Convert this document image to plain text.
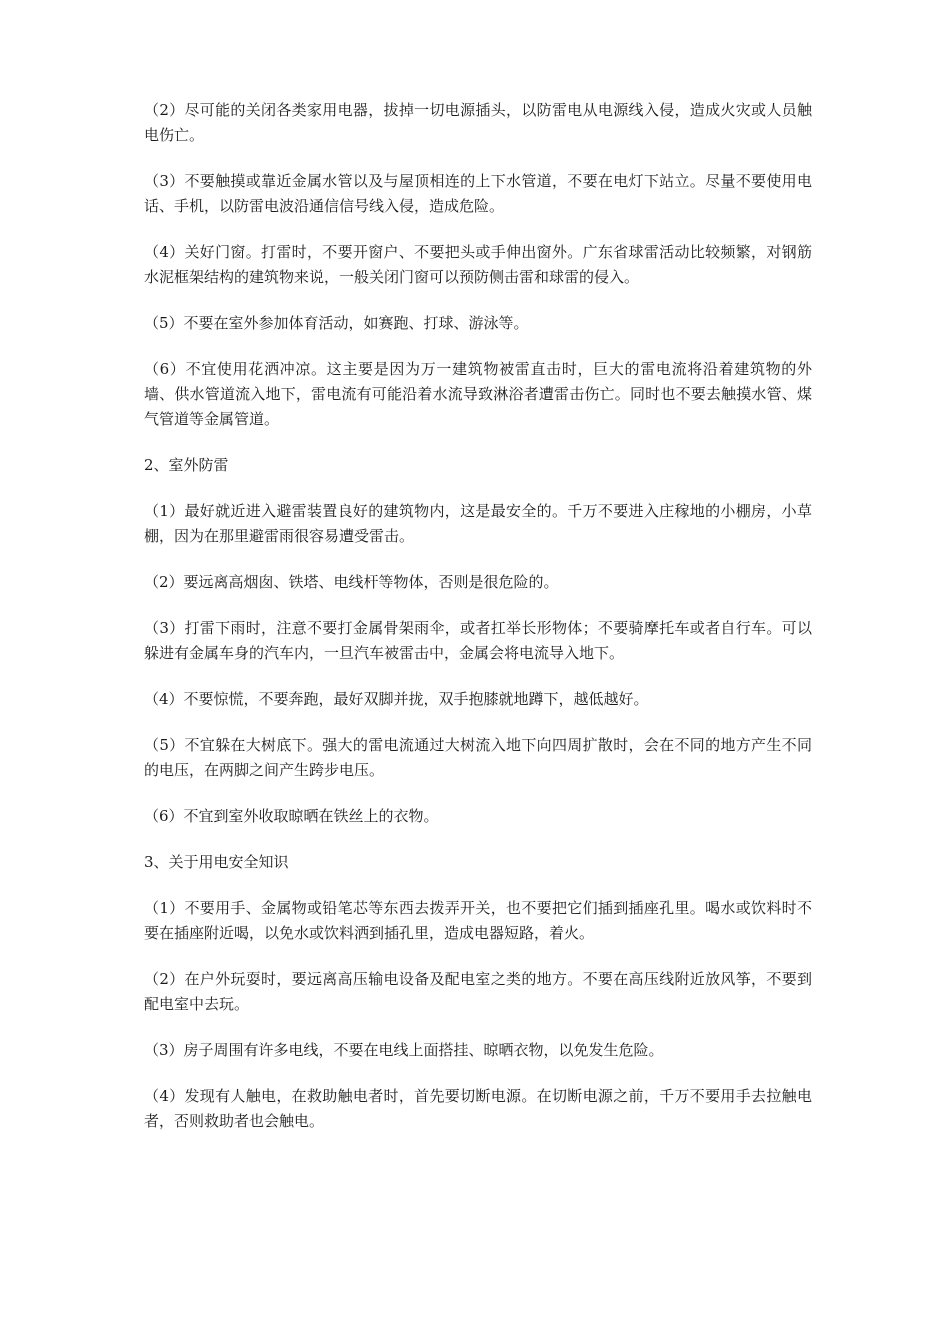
（2）尽可能的关闭各类家用电器，拔掉一切电源插头，以防雷电从电源线入侵，造成火灾或人员触电伤亡。

（3）不要触摸或靠近金属水管以及与屋顶相连的上下水管道，不要在电灯下站立。尽量不要使用电话、手机，以防雷电波沿通信信号线入侵，造成危险。

（4）关好门窗。打雷时，不要开窗户、不要把头或手伸出窗外。广东省球雷活动比较频繁，对钢筋水泥框架结构的建筑物来说，一般关闭门窗可以预防侧击雷和球雷的侵入。

（5）不要在室外参加体育活动，如赛跑、打球、游泳等。

（6）不宜使用花洒冲凉。这主要是因为万一建筑物被雷直击时，巨大的雷电流将沿着建筑物的外墙、供水管道流入地下，雷电流有可能沿着水流导致淋浴者遭雷击伤亡。同时也不要去触摸水管、煤气管道等金属管道。

2、室外防雷

（1）最好就近进入避雷装置良好的建筑物内，这是最安全的。千万不要进入庄稼地的小棚房，小草棚，因为在那里避雷雨很容易遭受雷击。

（2）要远离高烟囱、铁塔、电线杆等物体，否则是很危险的。

（3）打雷下雨时，注意不要打金属骨架雨伞，或者扛举长形物体；不要骑摩托车或者自行车。可以躲进有金属车身的汽车内，一旦汽车被雷击中，金属会将电流导入地下。

（4）不要惊慌，不要奔跑，最好双脚并拢，双手抱膝就地蹲下，越低越好。

（5）不宜躲在大树底下。强大的雷电流通过大树流入地下向四周扩散时，会在不同的地方产生不同的电压，在两脚之间产生跨步电压。

（6）不宜到室外收取晾晒在铁丝上的衣物。

3、关于用电安全知识

（1）不要用手、金属物或铅笔芯等东西去拨弄开关，也不要把它们插到插座孔里。喝水或饮料时不要在插座附近喝，以免水或饮料洒到插孔里，造成电器短路，着火。

（2）在户外玩耍时，要远离高压输电设备及配电室之类的地方。不要在高压线附近放风筝，不要到配电室中去玩。

（3）房子周围有许多电线，不要在电线上面搭挂、晾晒衣物，以免发生危险。

（4）发现有人触电，在救助触电者时，首先要切断电源。在切断电源之前，千万不要用手去拉触电者，否则救助者也会触电。
